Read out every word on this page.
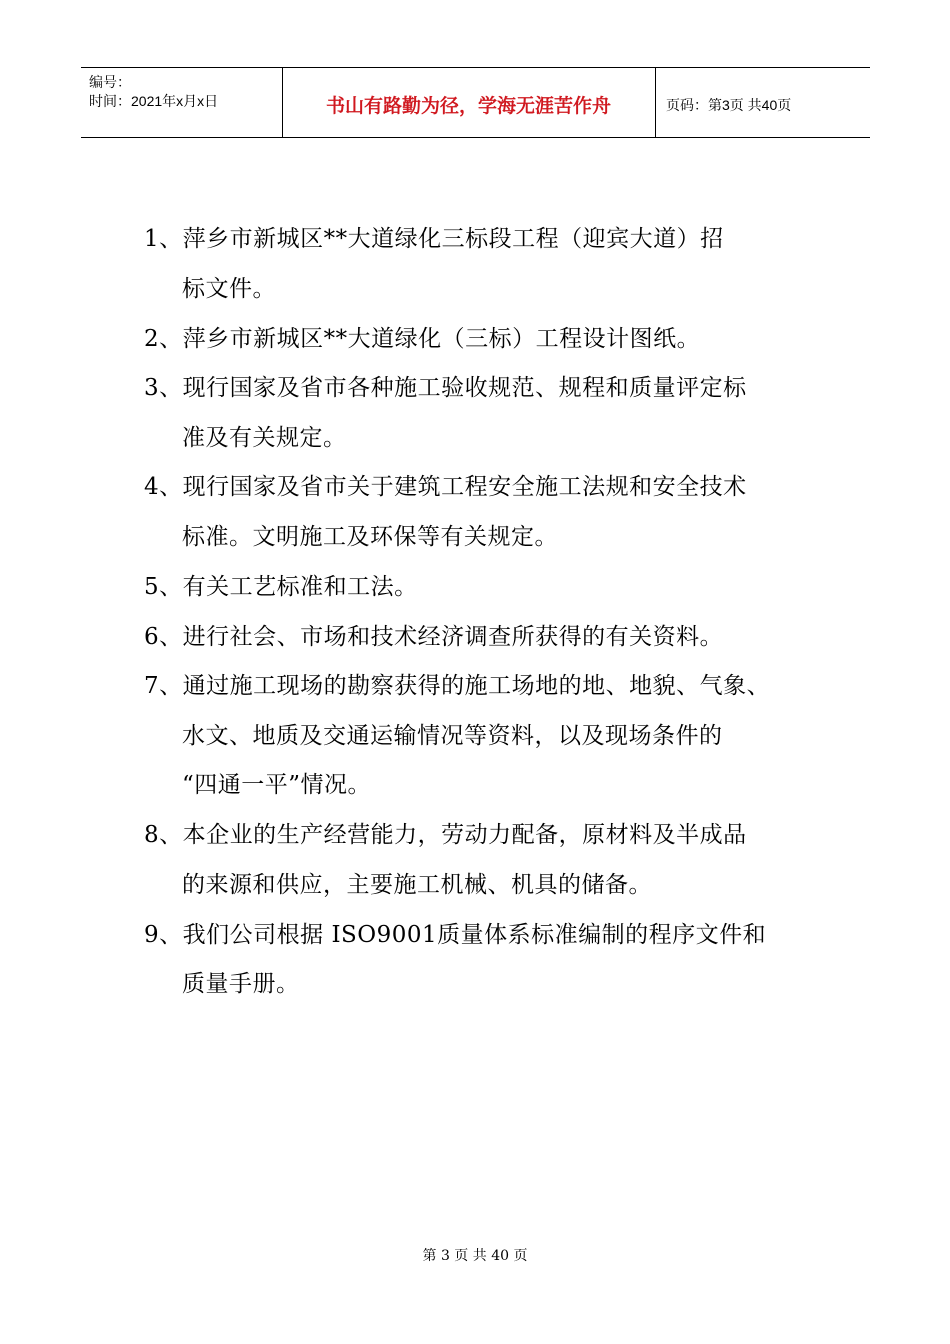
编号：
时间：2021年x月x日	书山有路勤为径，学海无涯苦作舟	页码：第3页 共40页
1、萍乡市新城区**大道绿化三标段工程（迎宾大道）招
标文件。
2、萍乡市新城区**大道绿化（三标）工程设计图纸。
3、现行国家及省市各种施工验收规范、规程和质量评定标
准及有关规定。
4、现行国家及省市关于建筑工程安全施工法规和安全技术
标准。文明施工及环保等有关规定。
5、有关工艺标准和工法。
6、进行社会、市场和技术经济调查所获得的有关资料。
7、通过施工现场的勘察获得的施工场地的地、地貌、气象、
水文、地质及交通运输情况等资料，以及现场条件的
“四通一平”情况。
8、本企业的生产经营能力，劳动力配备，原材料及半成品
的来源和供应，主要施工机械、机具的储备。
9、我们公司根据 ISO9001质量体系标准编制的程序文件和
质量手册。
第 3 页 共 40 页
